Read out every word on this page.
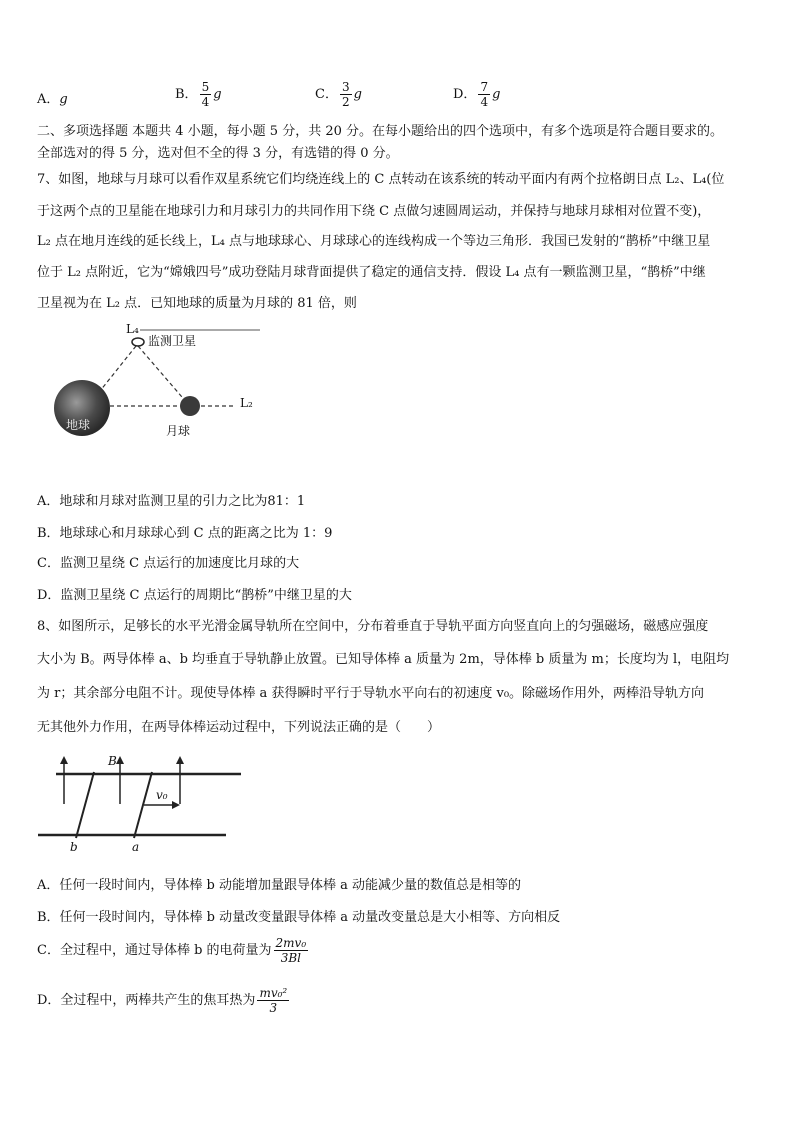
A．g	B． $\frac{5}{4}$ g	C． $\frac{3}{2}$ g	D． $\frac{7}{4}$ g
二、多项选择题 本题共 4 小题，每小题 5 分，共 20 分。在每小题给出的四个选项中，有多个选项是符合题目要求的。
全部选对的得 5 分，选对但不全的得 3 分，有选错的得 0 分。
7、如图，地球与月球可以看作双星系统它们均绕连线上的 C 点转动在该系统的转动平面内有两个拉格朗日点 L₂、L₄(位
于这两个点的卫星能在地球引力和月球引力的共同作用下绕 C 点做匀速圆周运动，并保持与地球月球相对位置不变)，
L₂ 点在地月连线的延长线上，L₄ 点与地球球心、月球球心的连线构成一个等边三角形．我国已发射的“鹊桥”中继卫星
位于 L₂ 点附近，它为“嫦娥四号”成功登陆月球背面提供了稳定的通信支持．假设 L₄ 点有一颗监测卫星，“鹊桥”中继
卫星视为在 L₂ 点．已知地球的质量为月球的 81 倍，则
L₄
监测卫星
地球	月球
L₂
A．地球和月球对监测卫星的引力之比为81：1
B．地球球心和月球球心到 C 点的距离之比为 1：9
C．监测卫星绕 C 点运行的加速度比月球的大
D．监测卫星绕 C 点运行的周期比“鹊桥”中继卫星的大
8、如图所示，足够长的水平光滑金属导轨所在空间中，分布着垂直于导轨平面方向竖直向上的匀强磁场，磁感应强度
大小为 B。两导体棒 a、b 均垂直于导轨静止放置。已知导体棒 a 质量为 2m，导体棒 b 质量为 m；长度均为 l，电阻均
为 r；其余部分电阻不计。现使导体棒 a 获得瞬时平行于导轨水平向右的初速度 v₀。除磁场作用外，两棒沿导轨方向
无其他外力作用，在两导体棒运动过程中，下列说法正确的是（　　）
B
v₀
b	a
A．任何一段时间内，导体棒 b 动能增加量跟导体棒 a 动能减少量的数值总是相等的
B．任何一段时间内，导体棒 b 动量改变量跟导体棒 a 动量改变量总是大小相等、方向相反
C．全过程中，通过导体棒 b 的电荷量为 $\frac{\text{2mv₀}}{3Bl}$
D．全过程中，两棒共产生的焦耳热为 $\frac{\text{mv₀²}}{3}$
